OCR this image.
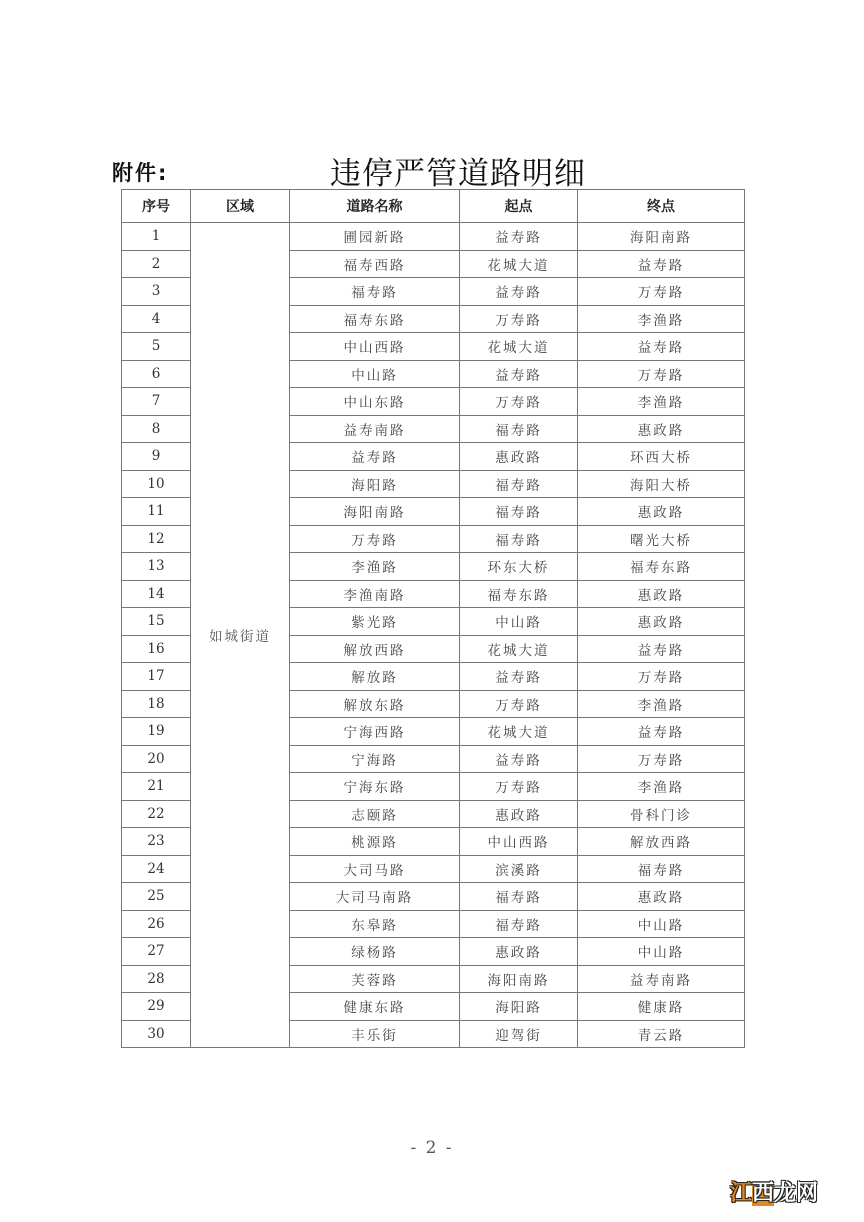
附件:	违停严管道路明细
序号	区域	道路名称	起点	终点
1	如城街道	圃园新路	益寿路	海阳南路
2		福寿西路	花城大道	益寿路
3		福寿路	益寿路	万寿路
4		福寿东路	万寿路	李渔路
5		中山西路	花城大道	益寿路
6		中山路	益寿路	万寿路
7		中山东路	万寿路	李渔路
8		益寿南路	福寿路	惠政路
9		益寿路	惠政路	环西大桥
10		海阳路	福寿路	海阳大桥
11		海阳南路	福寿路	惠政路
12		万寿路	福寿路	曙光大桥
13		李渔路	环东大桥	福寿东路
14		李渔南路	福寿东路	惠政路
15		紫光路	中山路	惠政路
16		解放西路	花城大道	益寿路
17		解放路	益寿路	万寿路
18		解放东路	万寿路	李渔路
19		宁海西路	花城大道	益寿路
20		宁海路	益寿路	万寿路
21		宁海东路	万寿路	李渔路
22		志颐路	惠政路	骨科门诊
23		桃源路	中山西路	解放西路
24		大司马路	滨溪路	福寿路
25		大司马南路	福寿路	惠政路
26		东皋路	福寿路	中山路
27		绿杨路	惠政路	中山路
28		芙蓉路	海阳南路	益寿南路
29		健康东路	海阳路	健康路
30		丰乐街	迎驾街	青云路
- 2 -
江西龙网
